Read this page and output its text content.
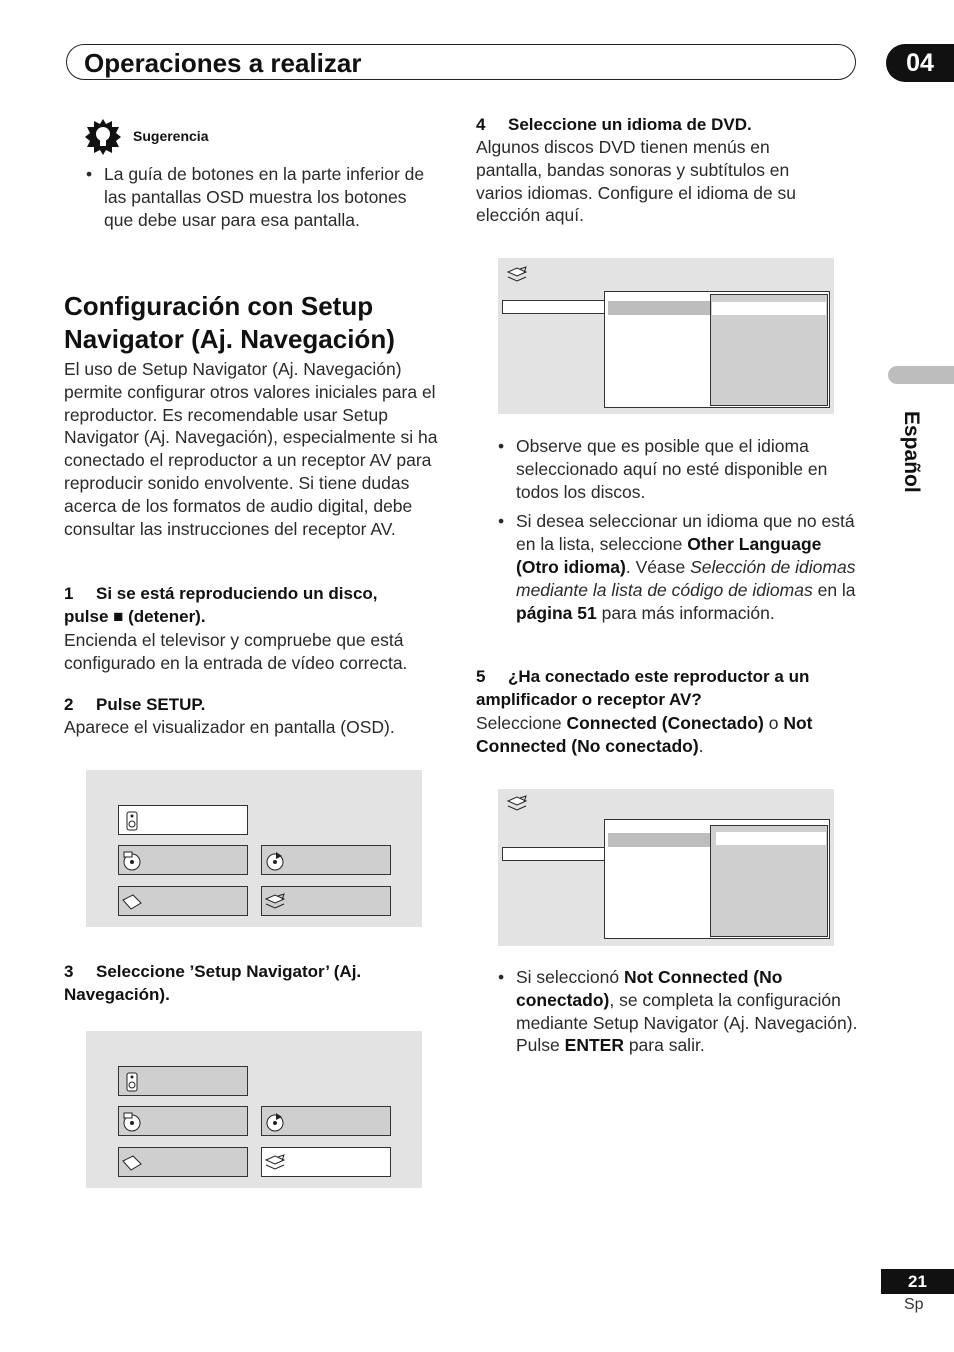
Operaciones a realizar	04
Español
Sugerencia
• La guía de botones en la parte inferior de las pantallas OSD muestra los botones que debe usar para esa pantalla.
Configuración con Setup
Navigator (Aj. Navegación)
El uso de Setup Navigator (Aj. Navegación) permite configurar otros valores iniciales para el reproductor. Es recomendable usar Setup Navigator (Aj. Navegación), especialmente si ha conectado el reproductor a un receptor AV para reproducir sonido envolvente. Si tiene dudas acerca de los formatos de audio digital, debe consultar las instrucciones del receptor AV.
1 Si se está reproduciendo un disco,
pulse ■ (detener).
Encienda el televisor y compruebe que está configurado en la entrada de vídeo correcta.
2 Pulse SETUP.
Aparece el visualizador en pantalla (OSD).
3 Seleccione ’Setup Navigator’ (Aj.
Navegación).
4 Seleccione un idioma de DVD.
Algunos discos DVD tienen menús en pantalla, bandas sonoras y subtítulos en varios idiomas. Configure el idioma de su elección aquí.
• Observe que es posible que el idioma seleccionado aquí no esté disponible en todos los discos.
• Si desea seleccionar un idioma que no está en la lista, seleccione Other Language (Otro idioma). Véase Selección de idiomas mediante la lista de código de idiomas en la página 51 para más información.
5 ¿Ha conectado este reproductor a un
amplificador o receptor AV?
Seleccione Connected (Conectado) o Not Connected (No conectado).
• Si seleccionó Not Connected (No conectado), se completa la configuración mediante Setup Navigator (Aj. Navegación). Pulse ENTER para salir.
21
Sp
